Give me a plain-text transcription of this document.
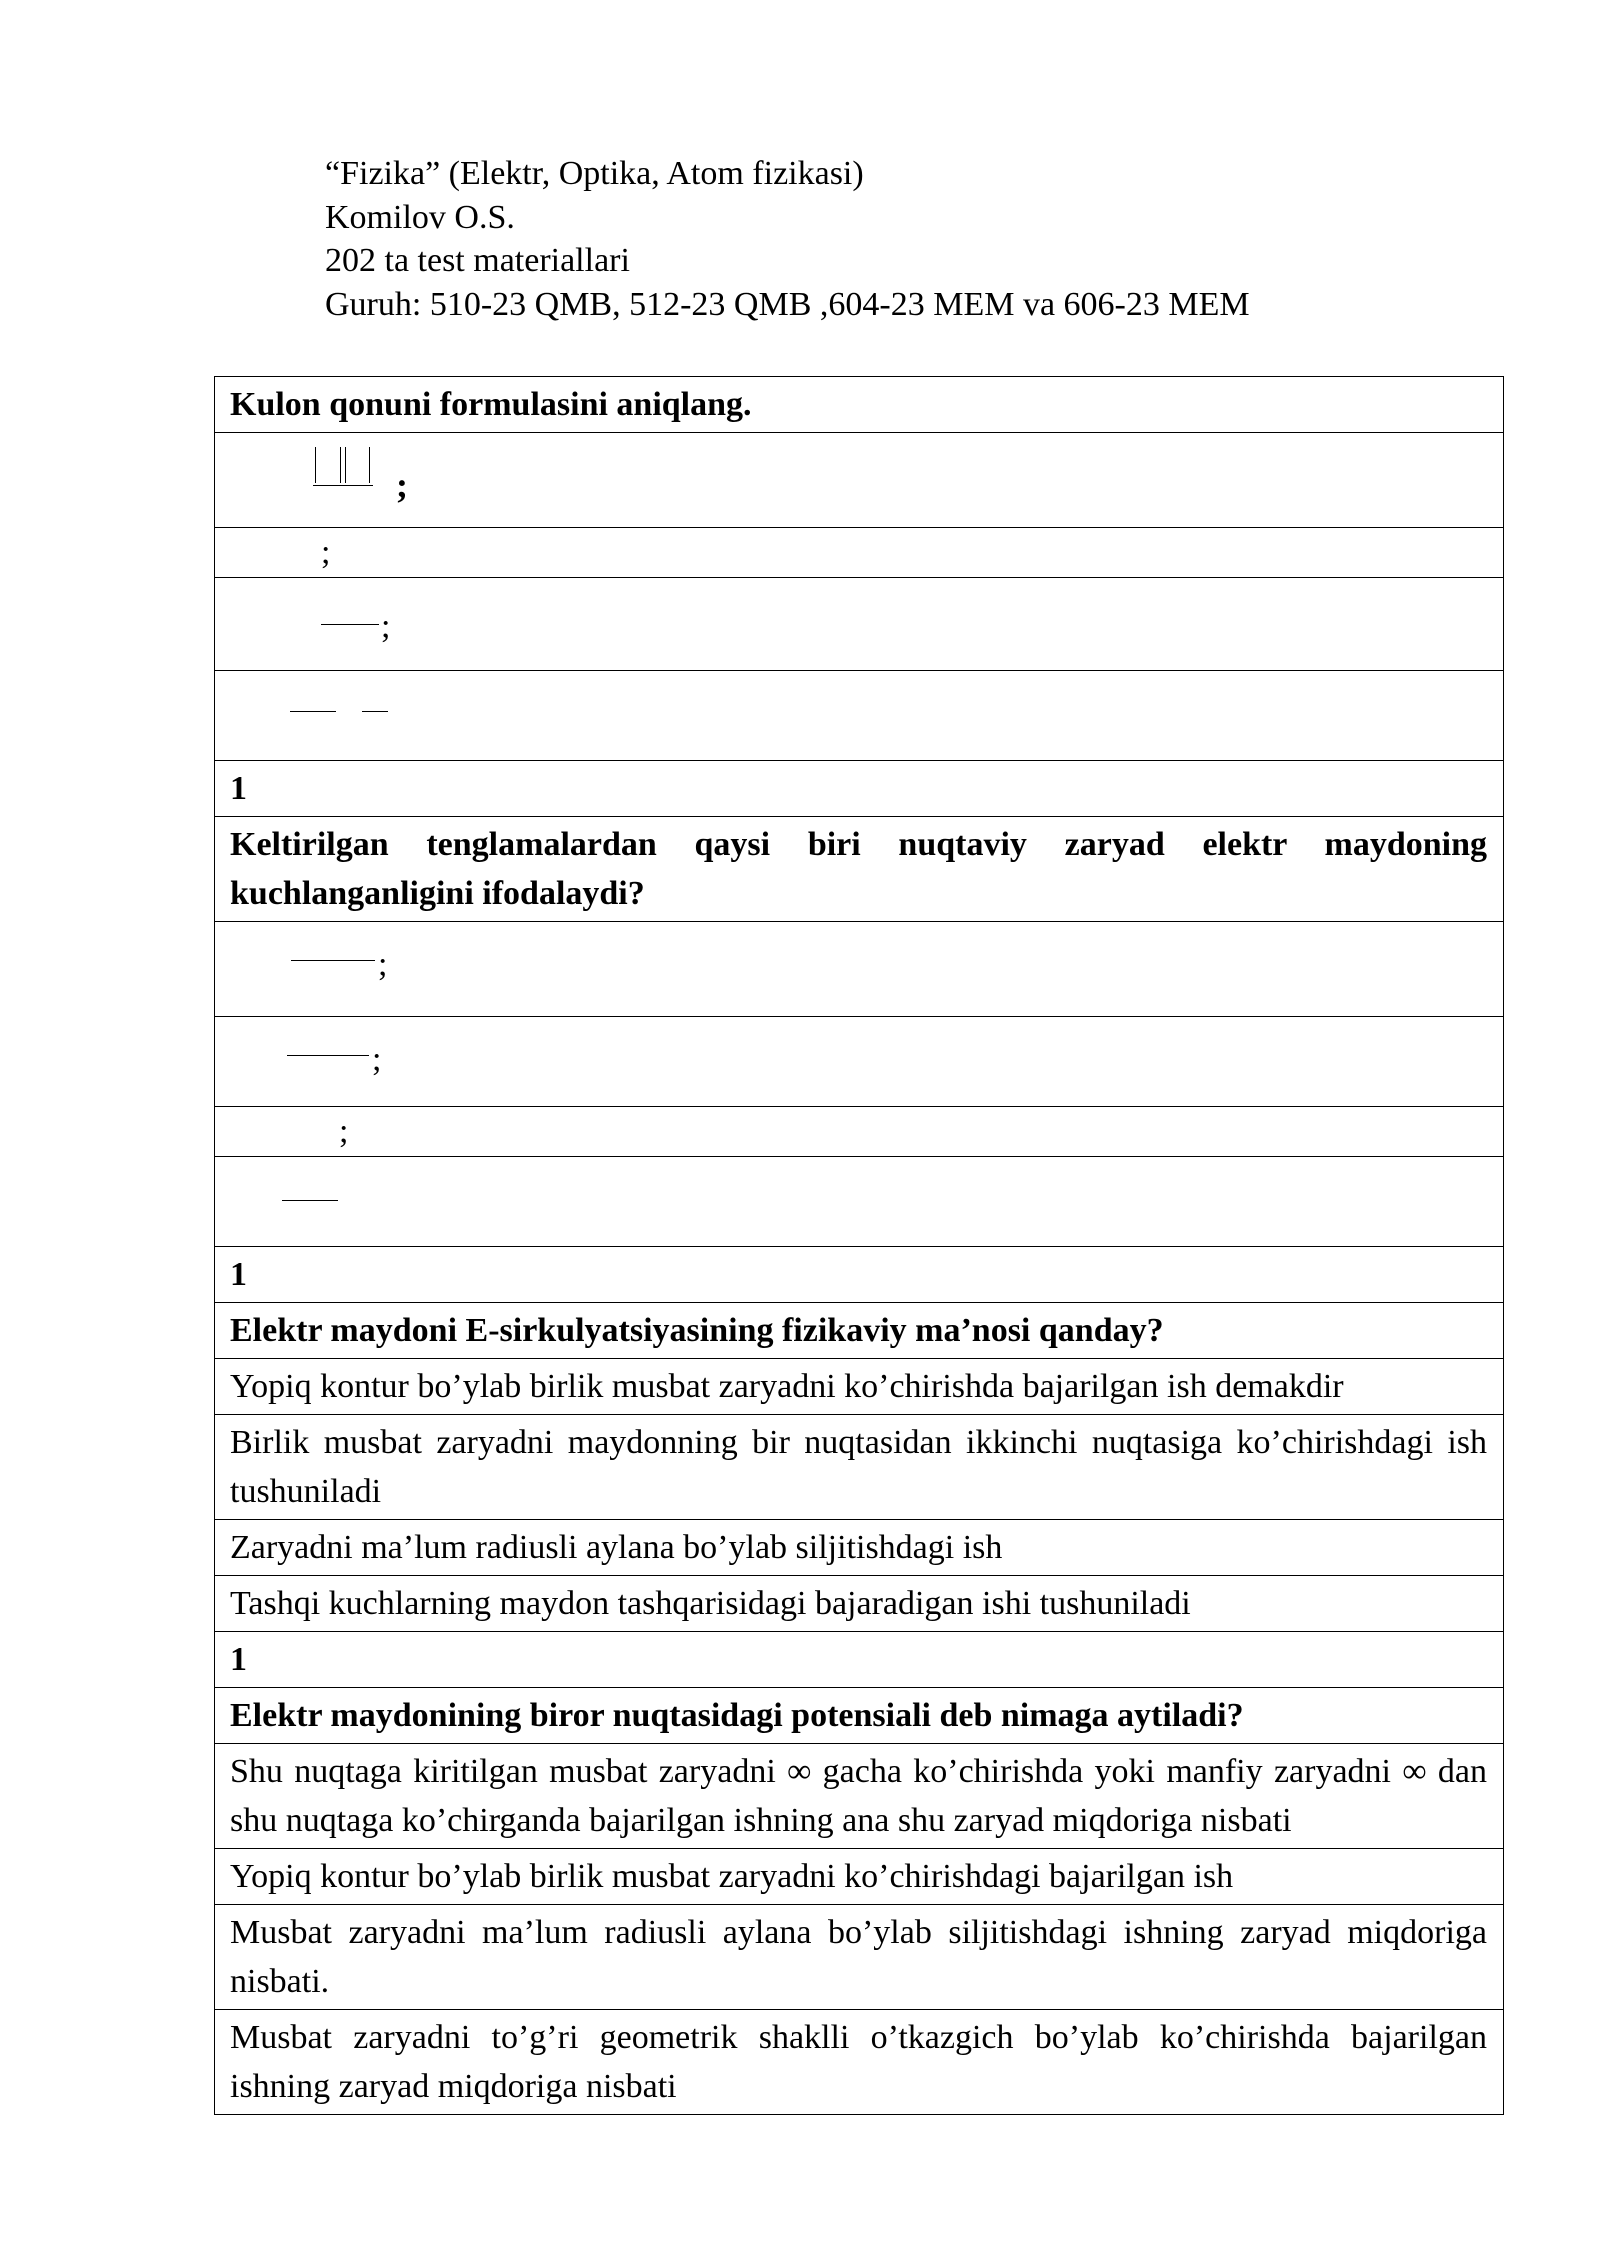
“Fizika” (Elektr, Optika, Atom fizikasi)
Komilov O.S.
202 ta test materiallari
Guruh: 510-23 QMB, 512-23 QMB ,604-23 MEM va 606-23 MEM
Kulon qonuni formulasini aniqlang.

;

;

;

1
Keltirilgan tenglamalardan qaysi biri nuqtaviy zaryad elektr maydoning kuchlanganligini ifodalaydi?

;

;

;

1
Elektr maydoni E-sirkulyatsiyasining fizikaviy ma’nosi qanday?
Yopiq kontur bo’ylab birlik musbat zaryadni ko’chirishda bajarilgan ish demakdir
Birlik musbat zaryadni maydonning bir nuqtasidan ikkinchi nuqtasiga ko’chirishdagi ish tushuniladi
Zaryadni ma’lum radiusli aylana bo’ylab siljitishdagi ish
Tashqi kuchlarning maydon tashqarisidagi bajaradigan ishi tushuniladi
1
Elektr maydonining biror nuqtasidagi potensiali deb nimaga aytiladi?
Shu nuqtaga kiritilgan musbat zaryadni ∞ gacha ko’chirishda yoki manfiy zaryadni ∞ dan shu nuqtaga ko’chirganda bajarilgan ishning ana shu zaryad miqdoriga nisbati
Yopiq kontur bo’ylab birlik musbat zaryadni ko’chirishdagi bajarilgan ish
Musbat zaryadni ma’lum radiusli aylana bo’ylab siljitishdagi ishning zaryad miqdoriga nisbati.
Musbat zaryadni to’g’ri geometrik shaklli o’tkazgich bo’ylab ko’chirishda bajarilgan ishning zaryad miqdoriga nisbati
